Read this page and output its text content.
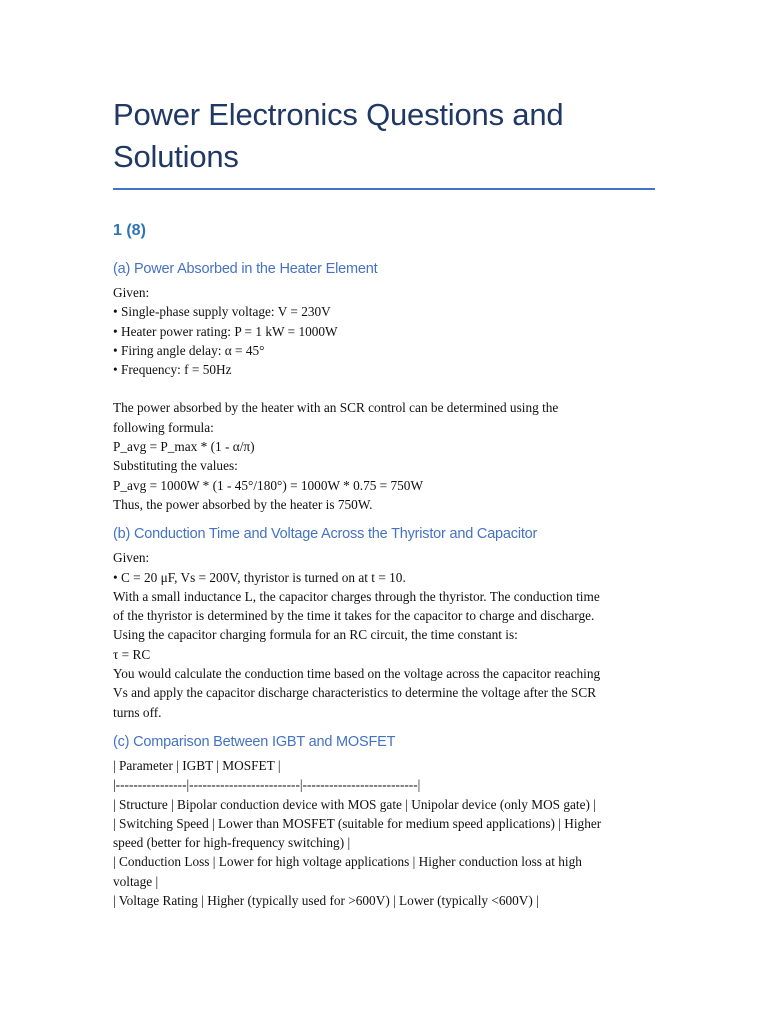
Power Electronics Questions and Solutions
1 (8)
(a) Power Absorbed in the Heater Element

Given:

• Single-phase supply voltage: V = 230V

• Heater power rating: P = 1 kW = 1000W

• Firing angle delay: α = 45°

• Frequency: f = 50Hz

The power absorbed by the heater with an SCR control can be determined using the

following formula:

P_avg = P_max * (1 - α/π)

Substituting the values:

P_avg = 1000W * (1 - 45°/180°) = 1000W * 0.75 = 750W

Thus, the power absorbed by the heater is 750W.

(b) Conduction Time and Voltage Across the Thyristor and Capacitor

Given:

• C = 20 μF, Vs = 200V, thyristor is turned on at t = 10.

With a small inductance L, the capacitor charges through the thyristor. The conduction time

of the thyristor is determined by the time it takes for the capacitor to charge and discharge.

Using the capacitor charging formula for an RC circuit, the time constant is:

τ = RC

You would calculate the conduction time based on the voltage across the capacitor reaching

Vs and apply the capacitor discharge characteristics to determine the voltage after the SCR

turns off.

(c) Comparison Between IGBT and MOSFET

| Parameter | IGBT | MOSFET |

|----------------|-------------------------|--------------------------|

| Structure | Bipolar conduction device with MOS gate | Unipolar device (only MOS gate) |

| Switching Speed | Lower than MOSFET (suitable for medium speed applications) | Higher

speed (better for high-frequency switching) |

| Conduction Loss | Lower for high voltage applications | Higher conduction loss at high

voltage |

| Voltage Rating | Higher (typically used for >600V) | Lower (typically <600V) |
